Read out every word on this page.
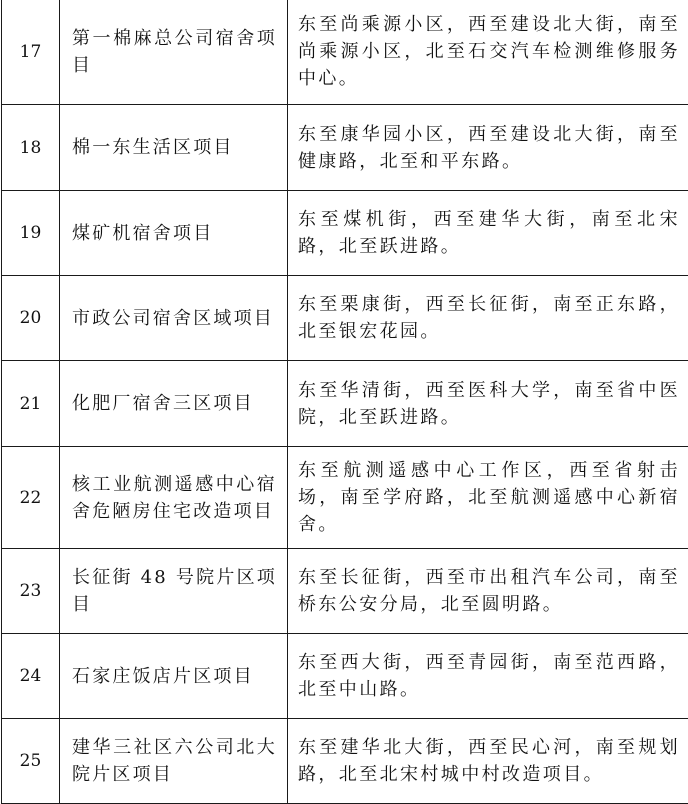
17	第一棉麻总公司宿舍项目	东至尚乘源小区，西至建设北大街，南至尚乘源小区，北至石交汽车检测维修服务中心。

18	棉一东生活区项目	东至康华园小区，西至建设北大街，南至健康路，北至和平东路。

19	煤矿机宿舍项目	东至煤机街，西至建华大街，南至北宋路，北至跃进路。

20	市政公司宿舍区域项目	东至栗康街，西至长征街，南至正东路，北至银宏花园。

21	化肥厂宿舍三区项目	东至华清街，西至医科大学，南至省中医院，北至跃进路。

22	核工业航测遥感中心宿舍危陋房住宅改造项目	东至航测遥感中心工作区，西至省射击场，南至学府路，北至航测遥感中心新宿舍。

23	长征街 48 号院片区项目	东至长征街，西至市出租汽车公司，南至桥东公安分局，北至圆明路。

24	石家庄饭店片区项目	东至西大街，西至青园街，南至范西路，北至中山路。

25	建华三社区六公司北大院片区项目	东至建华北大街，西至民心河，南至规划路，北至北宋村城中村改造项目。
